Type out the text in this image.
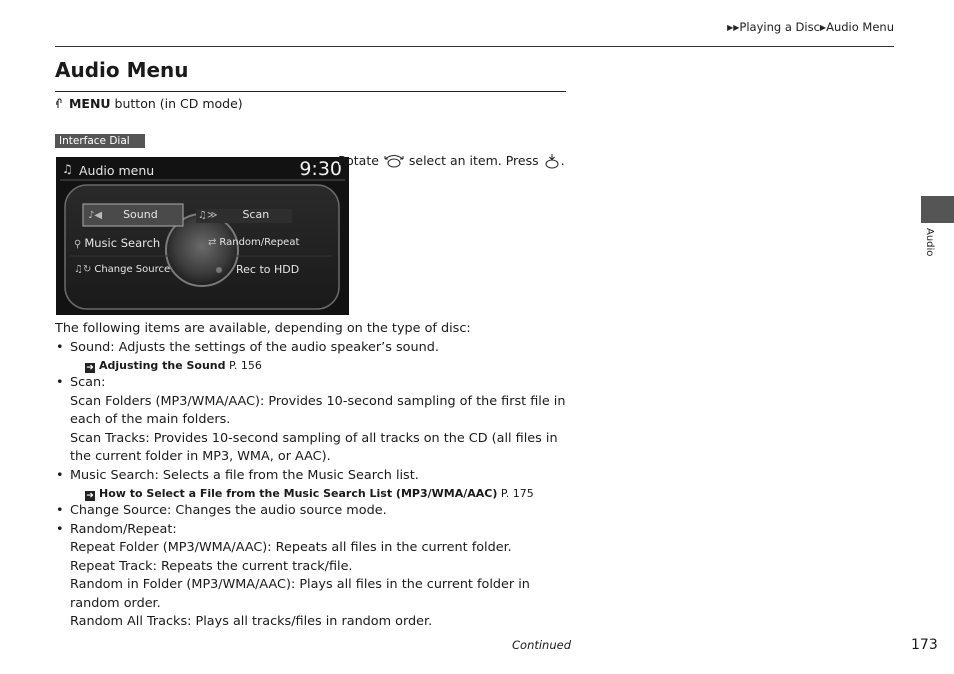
▶▶Playing a Disc▶Audio Menu
Audio Menu
MENU button (in CD mode)
Interface Dial
♫ Audio menu	9:30
♪◀ Sound	♫≫ Scan
⚲ Music Search	⇄ Random/Repeat
♫↻ Change Source	Rec to HDD
Rotate  select an item. Press .

The following items are available, depending on the type of disc:

• Sound: Adjusts the settings of the audio speaker’s sound.
➜ Adjusting the Sound P. 156
• Scan:
Scan Folders (MP3/WMA/AAC): Provides 10-second sampling of the first file in each of the main folders.
Scan Tracks: Provides 10-second sampling of all tracks on the CD (all files in the current folder in MP3, WMA, or AAC).
• Music Search: Selects a file from the Music Search list.
➜ How to Select a File from the Music Search List (MP3/WMA/AAC) P. 175
• Change Source: Changes the audio source mode.
• Random/Repeat:
Repeat Folder (MP3/WMA/AAC): Repeats all files in the current folder.
Repeat Track: Repeats the current track/file.
Random in Folder (MP3/WMA/AAC): Plays all files in the current folder in random order.
Random All Tracks: Plays all tracks/files in random order.
Continued	173
Audio
